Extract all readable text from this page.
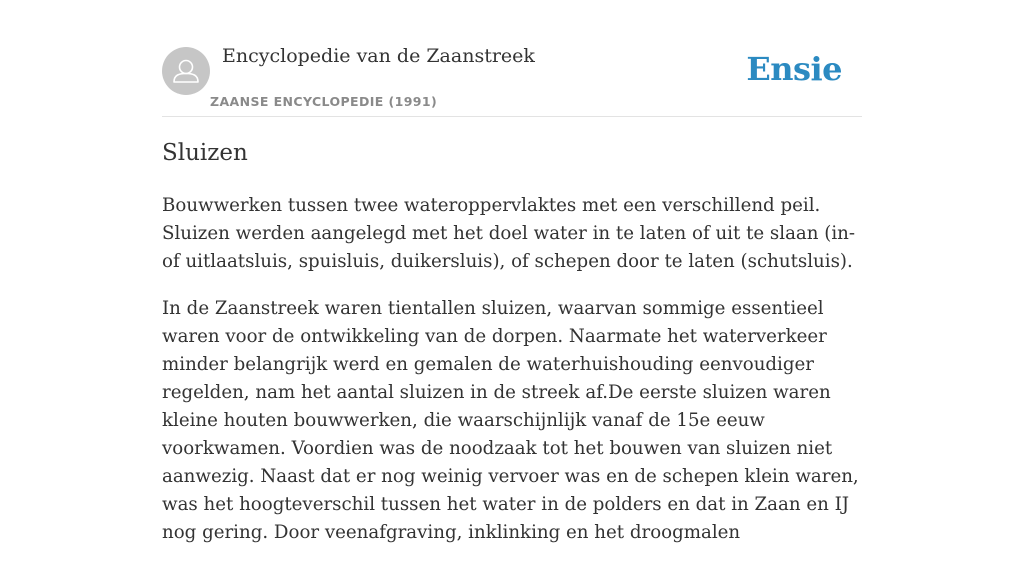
Encyclopedie van de Zaanstreek
ZAANSE ENCYCLOPEDIE (1991)
Ensie
Sluizen

Bouwwerken tussen twee wateroppervlaktes met een verschillend peil. Sluizen werden aangelegd met het doel water in te laten of uit te slaan (in- of uitlaatsluis, spuisluis, duikersluis), of schepen door te laten (schutsluis).

In de Zaanstreek waren tientallen sluizen, waarvan sommige essentieel waren voor de ontwikkeling van de dorpen. Naarmate het waterverkeer minder belangrijk werd en gemalen de waterhuishouding eenvoudiger regelden, nam het aantal sluizen in de streek af.De eerste sluizen waren kleine houten bouwwerken, die waarschijnlijk vanaf de 15e eeuw voorkwamen. Voordien was de noodzaak tot het bouwen van sluizen niet aanwezig. Naast dat er nog weinig vervoer was en de schepen klein waren, was het hoogteverschil tussen het water in de polders en dat in Zaan en IJ nog gering. Door veenafgraving, inklinking en het droogmalen
